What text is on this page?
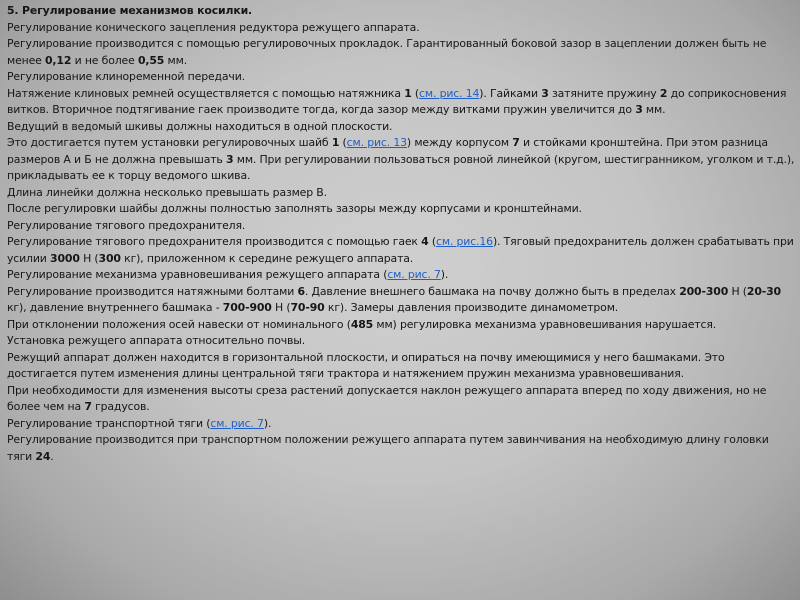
5. Регулирование механизмов косилки.

Регулирование конического зацепления редуктора режущего аппарата.

Регулирование производится с помощью регулировочных прокладок. Гарантированный боковой зазор в зацеплении должен быть не менее 0,12 и не более 0,55 мм.

Регулирование клиноременной передачи.

Натяжение клиновых ремней осуществляется с помощью натяжника 1 (см. рис. 14). Гайками 3 затяните пружину 2 до соприкосновения витков. Вторичное подтягивание гаек производите тогда, когда зазор между витками пружин увеличится до 3 мм.

Ведущий в ведомый шкивы должны находиться в одной плоскости.

Это достигается путем установки регулировочных шайб 1 (см. рис. 13) между корпусом 7 и стойками кронштейна. При этом разница размеров А и Б не должна превышать 3 мм. При регулировании пользоваться ровной линейкой (кругом, шестигранником, уголком и т.д.), прикладывать ее к торцу ведомого шкива.

Длина линейки должна несколько превышать размер В.

После регулировки шайбы должны полностью заполнять зазоры между корпусами и кронштейнами.

Регулирование тягового предохранителя.

Регулирование тягового предохранителя производится с помощью гаек 4 (см. рис.16). Тяговый предохранитель должен срабатывать при усилии 3000 Н (300 кг), приложенном к середине режущего аппарата.

Регулирование механизма уравновешивания режущего аппарата (см. рис. 7).

Регулирование производится натяжными болтами 6. Давление внешнего башмака на почву должно быть в пределах 200-300 Н (20-30 кг), давление внутреннего башмака - 700-900 Н (70-90 кг). Замеры давления производите динамометром.

При отклонении положения осей навески от номинального (485 мм) регулировка механизма уравновешивания нарушается.

Установка режущего аппарата относительно почвы.

Режущий аппарат должен находится в горизонтальной плоскости, и опираться на почву имеющимися у него башмаками. Это достигается путем изменения длины центральной тяги трактора и натяжением пружин механизма уравновешивания.

При необходимости для изменения высоты среза растений допускается наклон режущего аппарата вперед по ходу движения, но не более чем на 7 градусов.

Регулирование транспортной тяги (см. рис. 7).

Регулирование производится при транспортном положении режущего аппарата путем завинчивания на необходимую длину головки тяги 24.
